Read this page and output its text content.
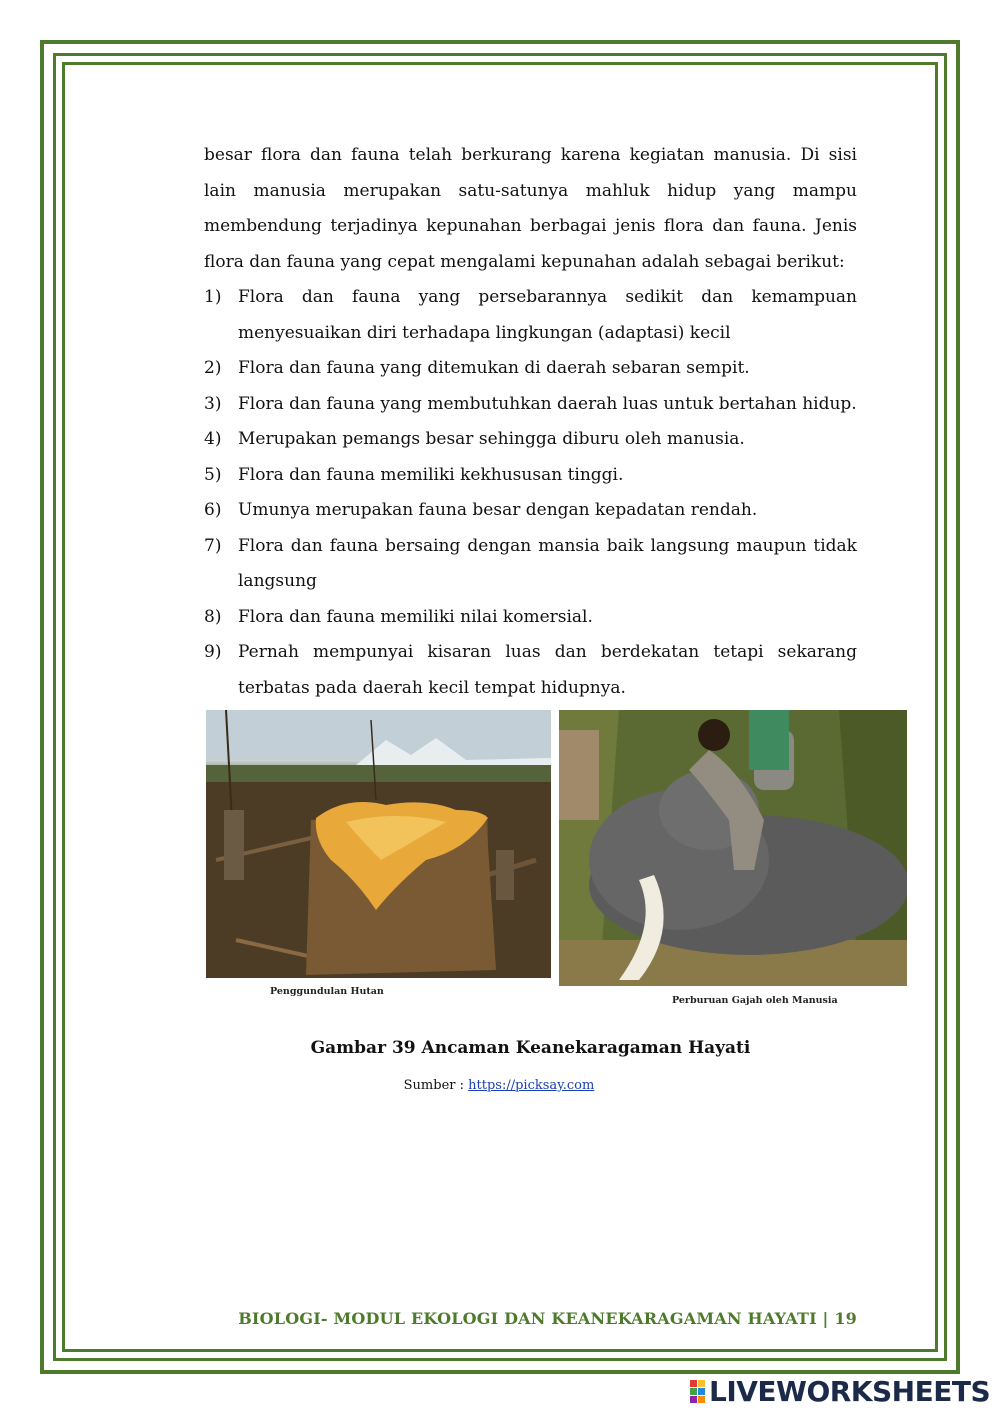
besar flora dan fauna telah berkurang karena kegiatan manusia. Di sisi lain manusia merupakan satu-satunya mahluk hidup yang mampu membendung terjadinya kepunahan berbagai jenis flora dan fauna. Jenis flora dan fauna yang cepat mengalami kepunahan adalah sebagai berikut:

1) Flora dan fauna yang persebarannya sedikit dan kemampuan menyesuaikan diri terhadapa lingkungan (adaptasi) kecil
2) Flora dan fauna yang ditemukan di daerah sebaran sempit.
3) Flora dan fauna yang membutuhkan daerah luas untuk bertahan hidup.
4) Merupakan pemangs besar sehingga diburu oleh manusia.
5) Flora dan fauna memiliki kekhususan tinggi.
6) Umunya merupakan fauna besar dengan kepadatan rendah.
7) Flora dan fauna bersaing dengan mansia baik langsung maupun tidak langsung
8) Flora dan fauna memiliki nilai komersial.
9) Pernah mempunyai kisaran luas dan berdekatan tetapi sekarang terbatas pada daerah kecil tempat hidupnya.
Penggundulan Hutan
Perburuan Gajah oleh Manusia
Gambar 39 Ancaman Keanekaragaman Hayati
Sumber : https://picksay.com
BIOLOGI- MODUL EKOLOGI DAN KEANEKARAGAMAN HAYATI | 19
LIVEWORKSHEETS
